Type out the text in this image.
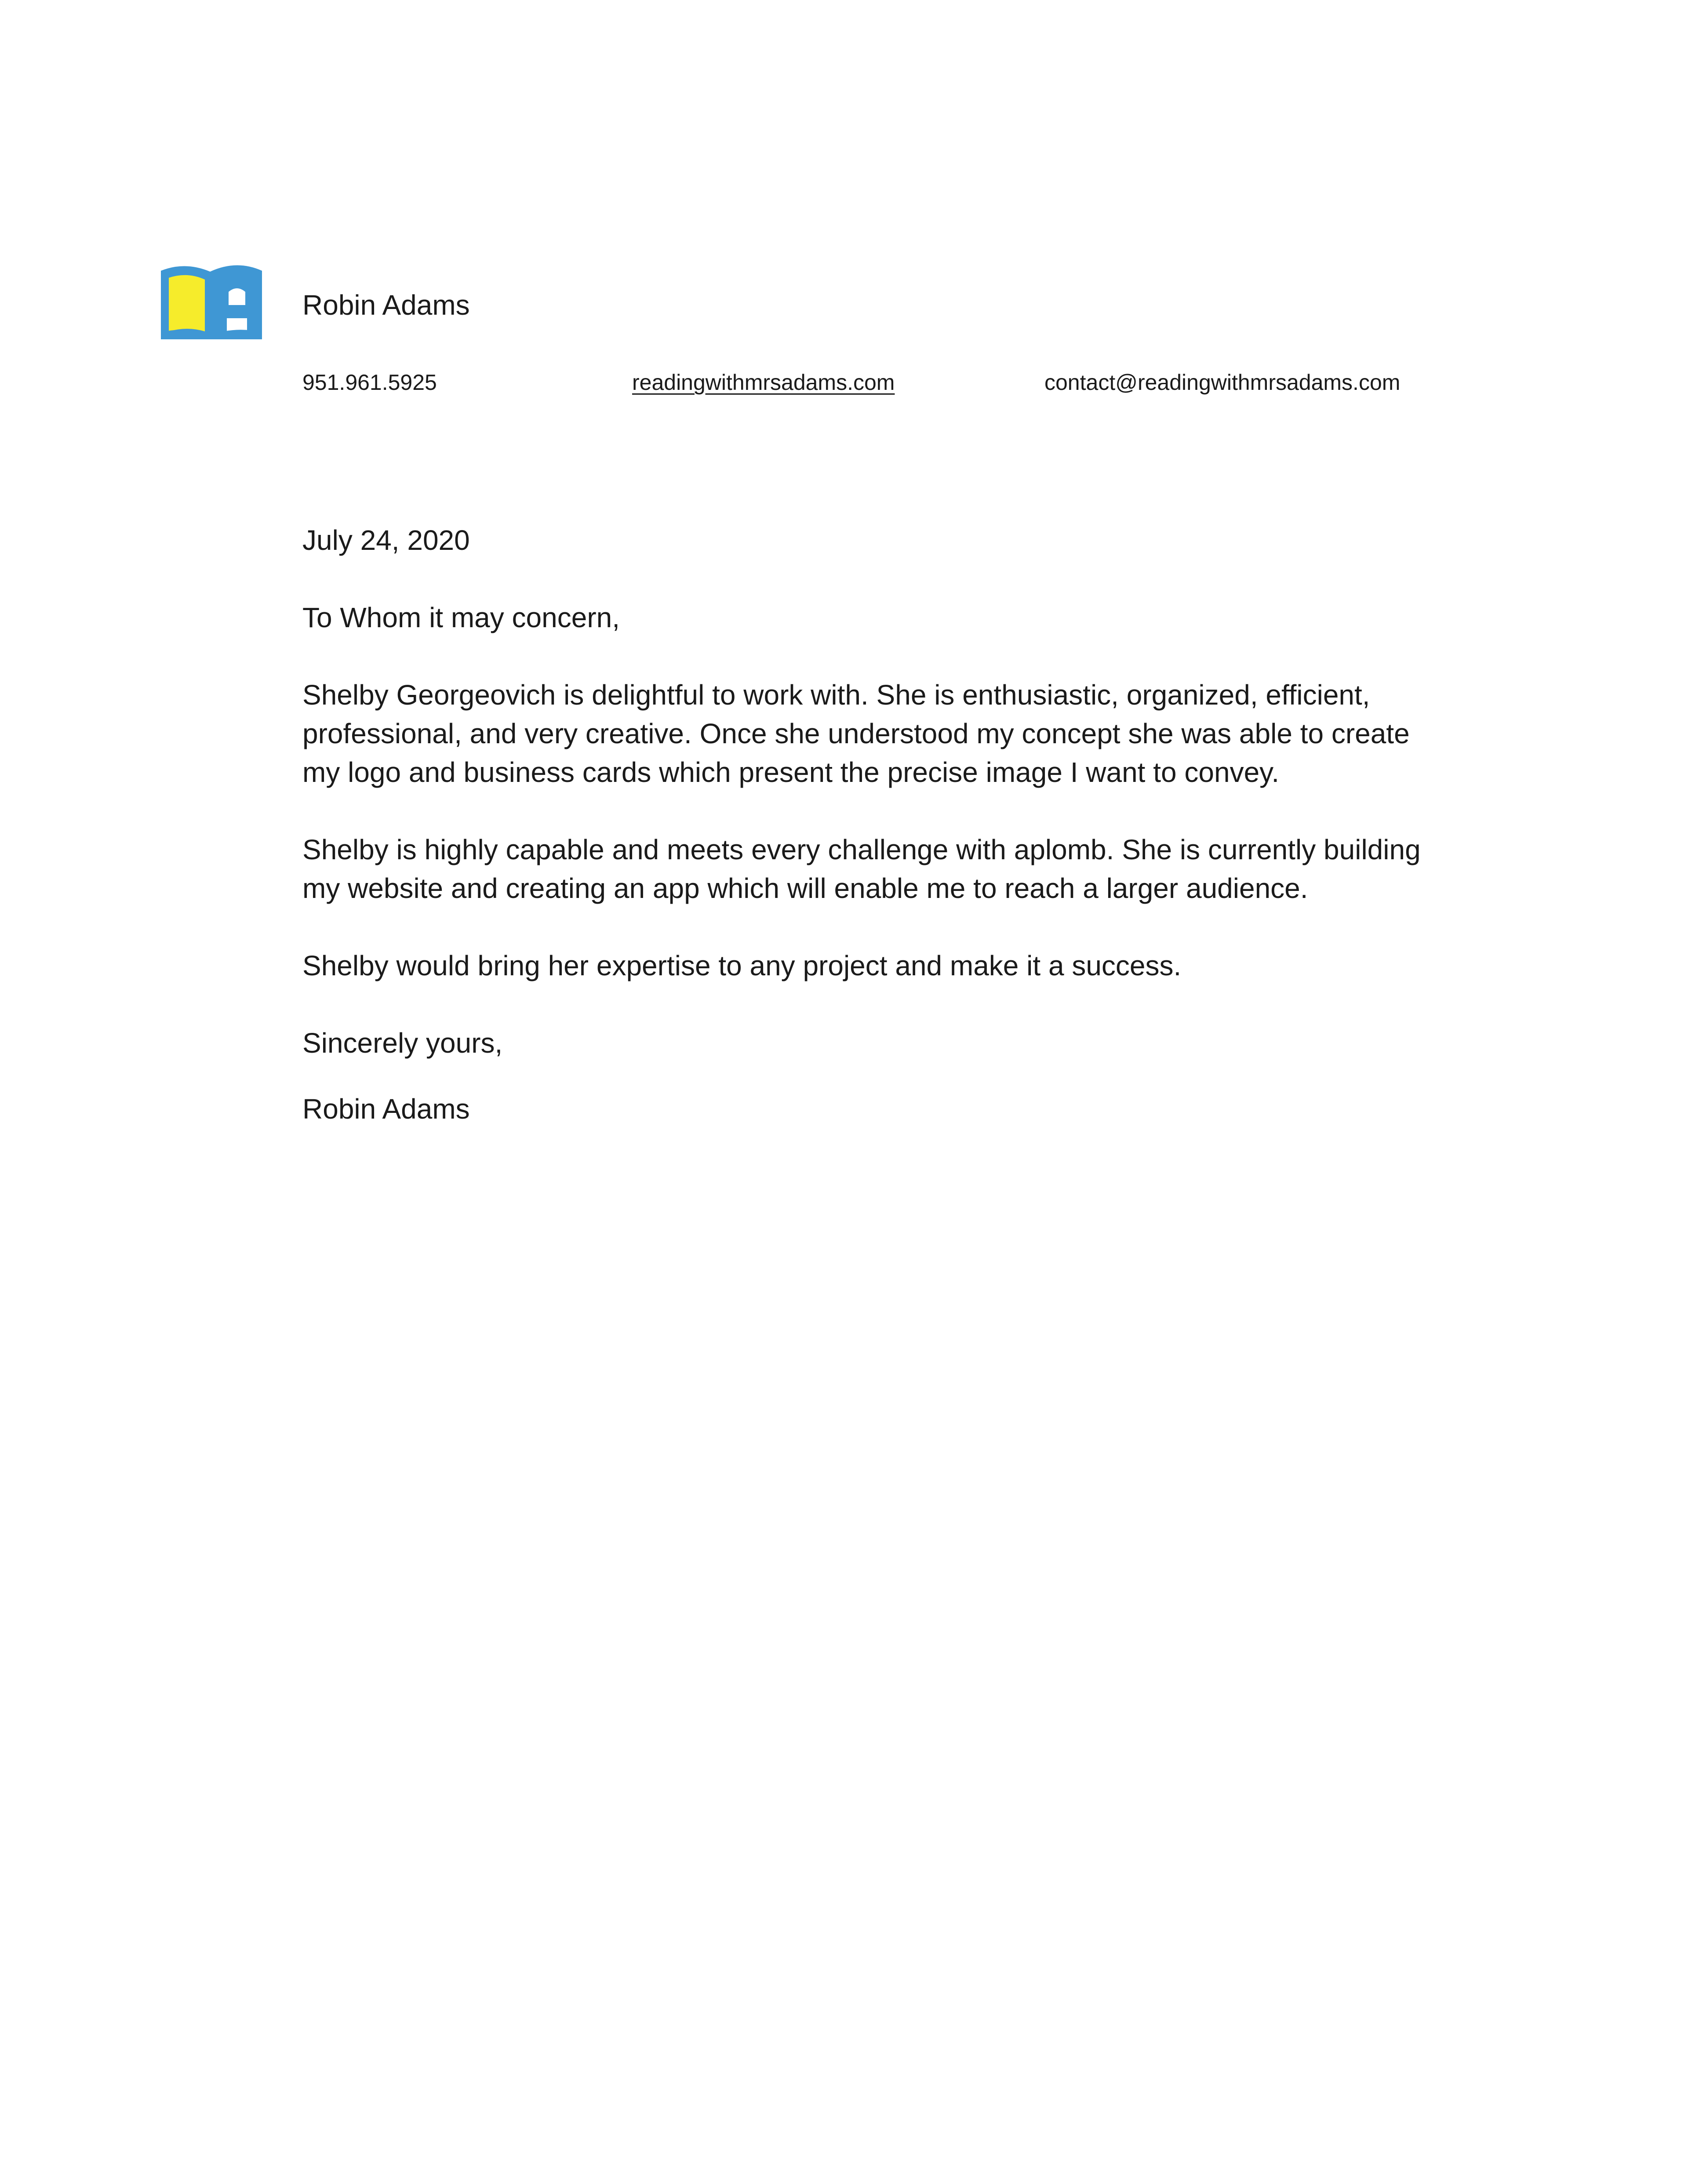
Robin Adams
951.961.5925	readingwithmrsadams.com	contact@readingwithmrsadams.com

July 24, 2020

To Whom it may concern,

Shelby Georgeovich is delightful to work with. She is enthusiastic, organized, efficient,
professional, and very creative. Once she understood my concept she was able to create
my logo and business cards which present the precise image I want to convey.

Shelby is highly capable and meets every challenge with aplomb. She is currently building
my website and creating an app which will enable me to reach a larger audience.

Shelby would bring her expertise to any project and make it a success.

Sincerely yours,

Robin Adams
